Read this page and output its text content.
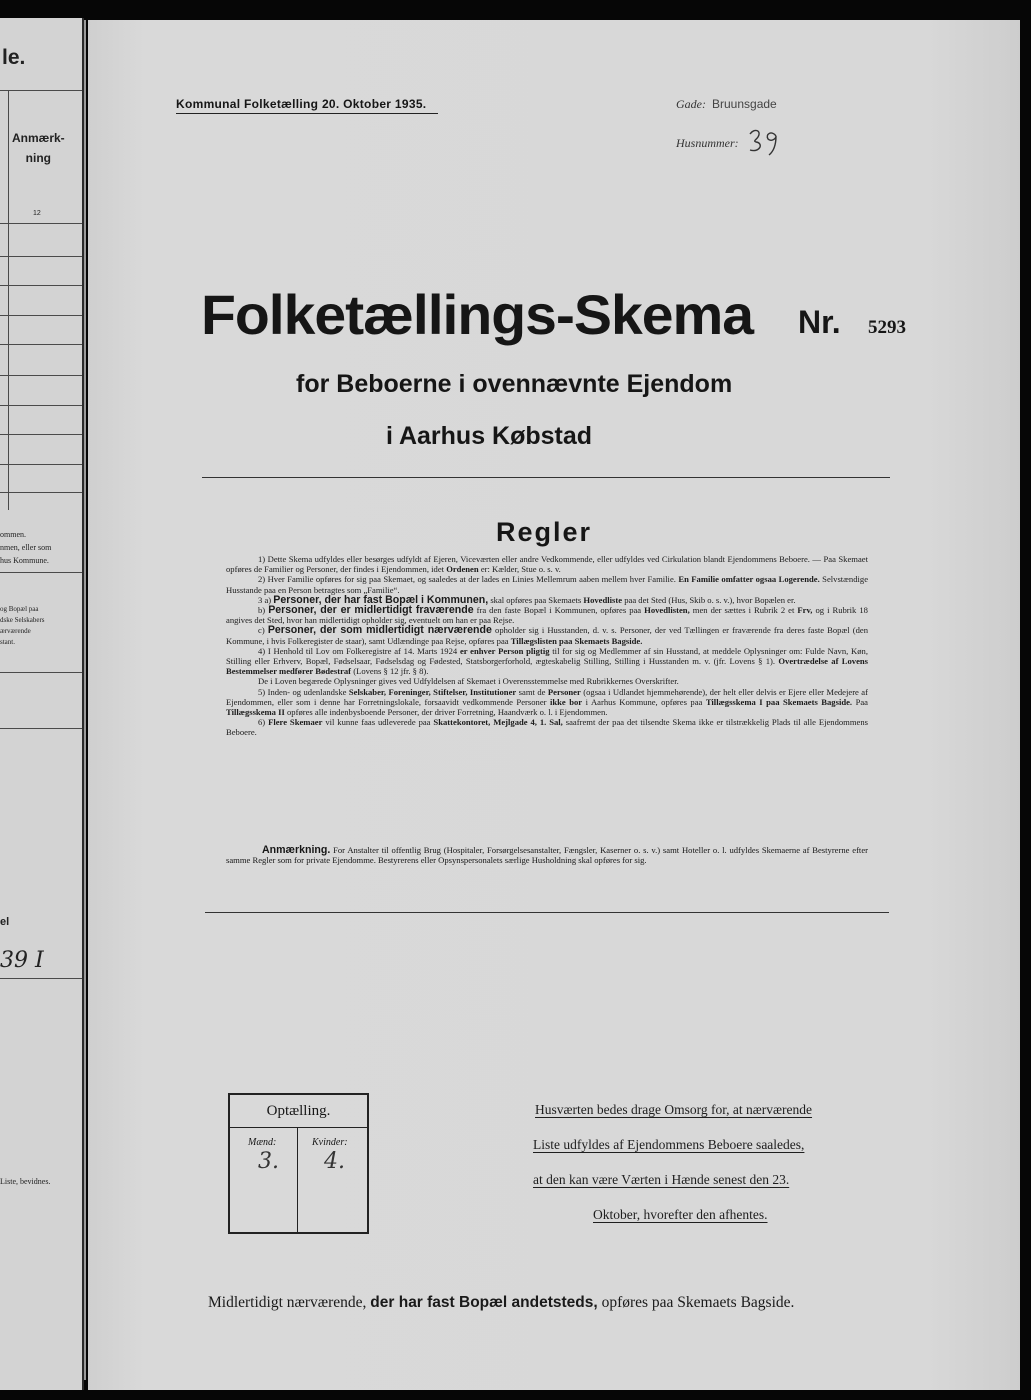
le.
Anmærk-
ning
12
ommen.
nmen, eller som
hus Kommune.
og Bopæl paa
dske Selskabers
ærværende
stant.
el
39 I
Liste, bevidnes.
Kommunal Folketælling 20. Oktober 1935.	Gade: Bruunsgade
Husnummer:
Folketællings-Skema Nr. 5293
for Beboerne i ovennævnte Ejendom
i Aarhus Købstad
Regler

1) Dette Skema udfyldes eller besørges udfyldt af Ejeren, Viceværten eller andre Vedkommende, eller udfyldes ved Cirkulation blandt Ejendommens Beboere. — Paa Skemaet opføres de Familier og Personer, der findes i Ejendommen, idet Ordenen er: Kælder, Stue o. s. v.

2) Hver Familie opføres for sig paa Skemaet, og saaledes at der lades en Linies Mellemrum aaben mellem hver Familie. En Familie omfatter ogsaa Logerende. Selvstændige Husstande paa en Person betragtes som „Familie“.

3 a) Personer, der har fast Bopæl i Kommunen, skal opføres paa Skemaets Hovedliste paa det Sted (Hus, Skib o. s. v.), hvor Bopælen er.

b) Personer, der er midlertidigt fraværende fra den faste Bopæl i Kommunen, opføres paa Hovedlisten, men der sættes i Rubrik 2 et Frv, og i Rubrik 18 angives det Sted, hvor han midlertidigt opholder sig, eventuelt om han er paa Rejse.

c) Personer, der som midlertidigt nærværende opholder sig i Husstanden, d. v. s. Personer, der ved Tællingen er fraværende fra deres faste Bopæl (den Kommune, i hvis Folkeregister de staar), samt Udlændinge paa Rejse, opføres paa Tillægslisten paa Skemaets Bagside.

4) I Henhold til Lov om Folkeregistre af 14. Marts 1924 er enhver Person pligtig til for sig og Medlemmer af sin Husstand, at meddele Oplysninger om: Fulde Navn, Køn, Stilling eller Erhverv, Bopæl, Fødselsaar, Fødselsdag og Fødested, Statsborgerforhold, ægteskabelig Stilling, Stilling i Husstanden m. v. (jfr. Lovens § 1). Overtrædelse af Lovens Bestemmelser medfører Bødestraf (Lovens § 12 jfr. § 8).

De i Loven begærede Oplysninger gives ved Udfyldelsen af Skemaet i Overensstemmelse med Rubrikkernes Overskrifter.

5) Inden- og udenlandske Selskaber, Foreninger, Stiftelser, Institutioner samt de Personer (ogsaa i Udlandet hjemmehørende), der helt eller delvis er Ejere eller Medejere af Ejendommen, eller som i denne har Forretningslokale, forsaavidt vedkommende Personer ikke bor i Aarhus Kommune, opføres paa Tillægsskema I paa Skemaets Bagside. Paa Tillægsskema II opføres alle indenbysboende Personer, der driver Forretning, Haandværk o. l. i Ejendommen.

6) Flere Skemaer vil kunne faas udleverede paa Skattekontoret, Mejlgade 4, 1. Sal, saafremt der paa det tilsendte Skema ikke er tilstrækkelig Plads til alle Ejendommens Beboere.

Anmærkning. For Anstalter til offentlig Brug (Hospitaler, Forsørgelsesanstalter, Fængsler, Kaserner o. s. v.) samt Hoteller o. l. udfyldes Skemaerne af Bestyrerne efter samme Regler som for private Ejendomme. Bestyrerens eller Opsynspersonalets særlige Husholdning skal opføres for sig.
Optælling.
Mænd:	Kvinder:
3. 4.
Husværten bedes drage Omsorg for, at nærværende
Liste udfyldes af Ejendommens Beboere saaledes,
at den kan være Værten i Hænde senest den 23.
Oktober, hvorefter den afhentes.
Midlertidigt nærværende, der har fast Bopæl andetsteds, opføres paa Skemaets Bagside.
